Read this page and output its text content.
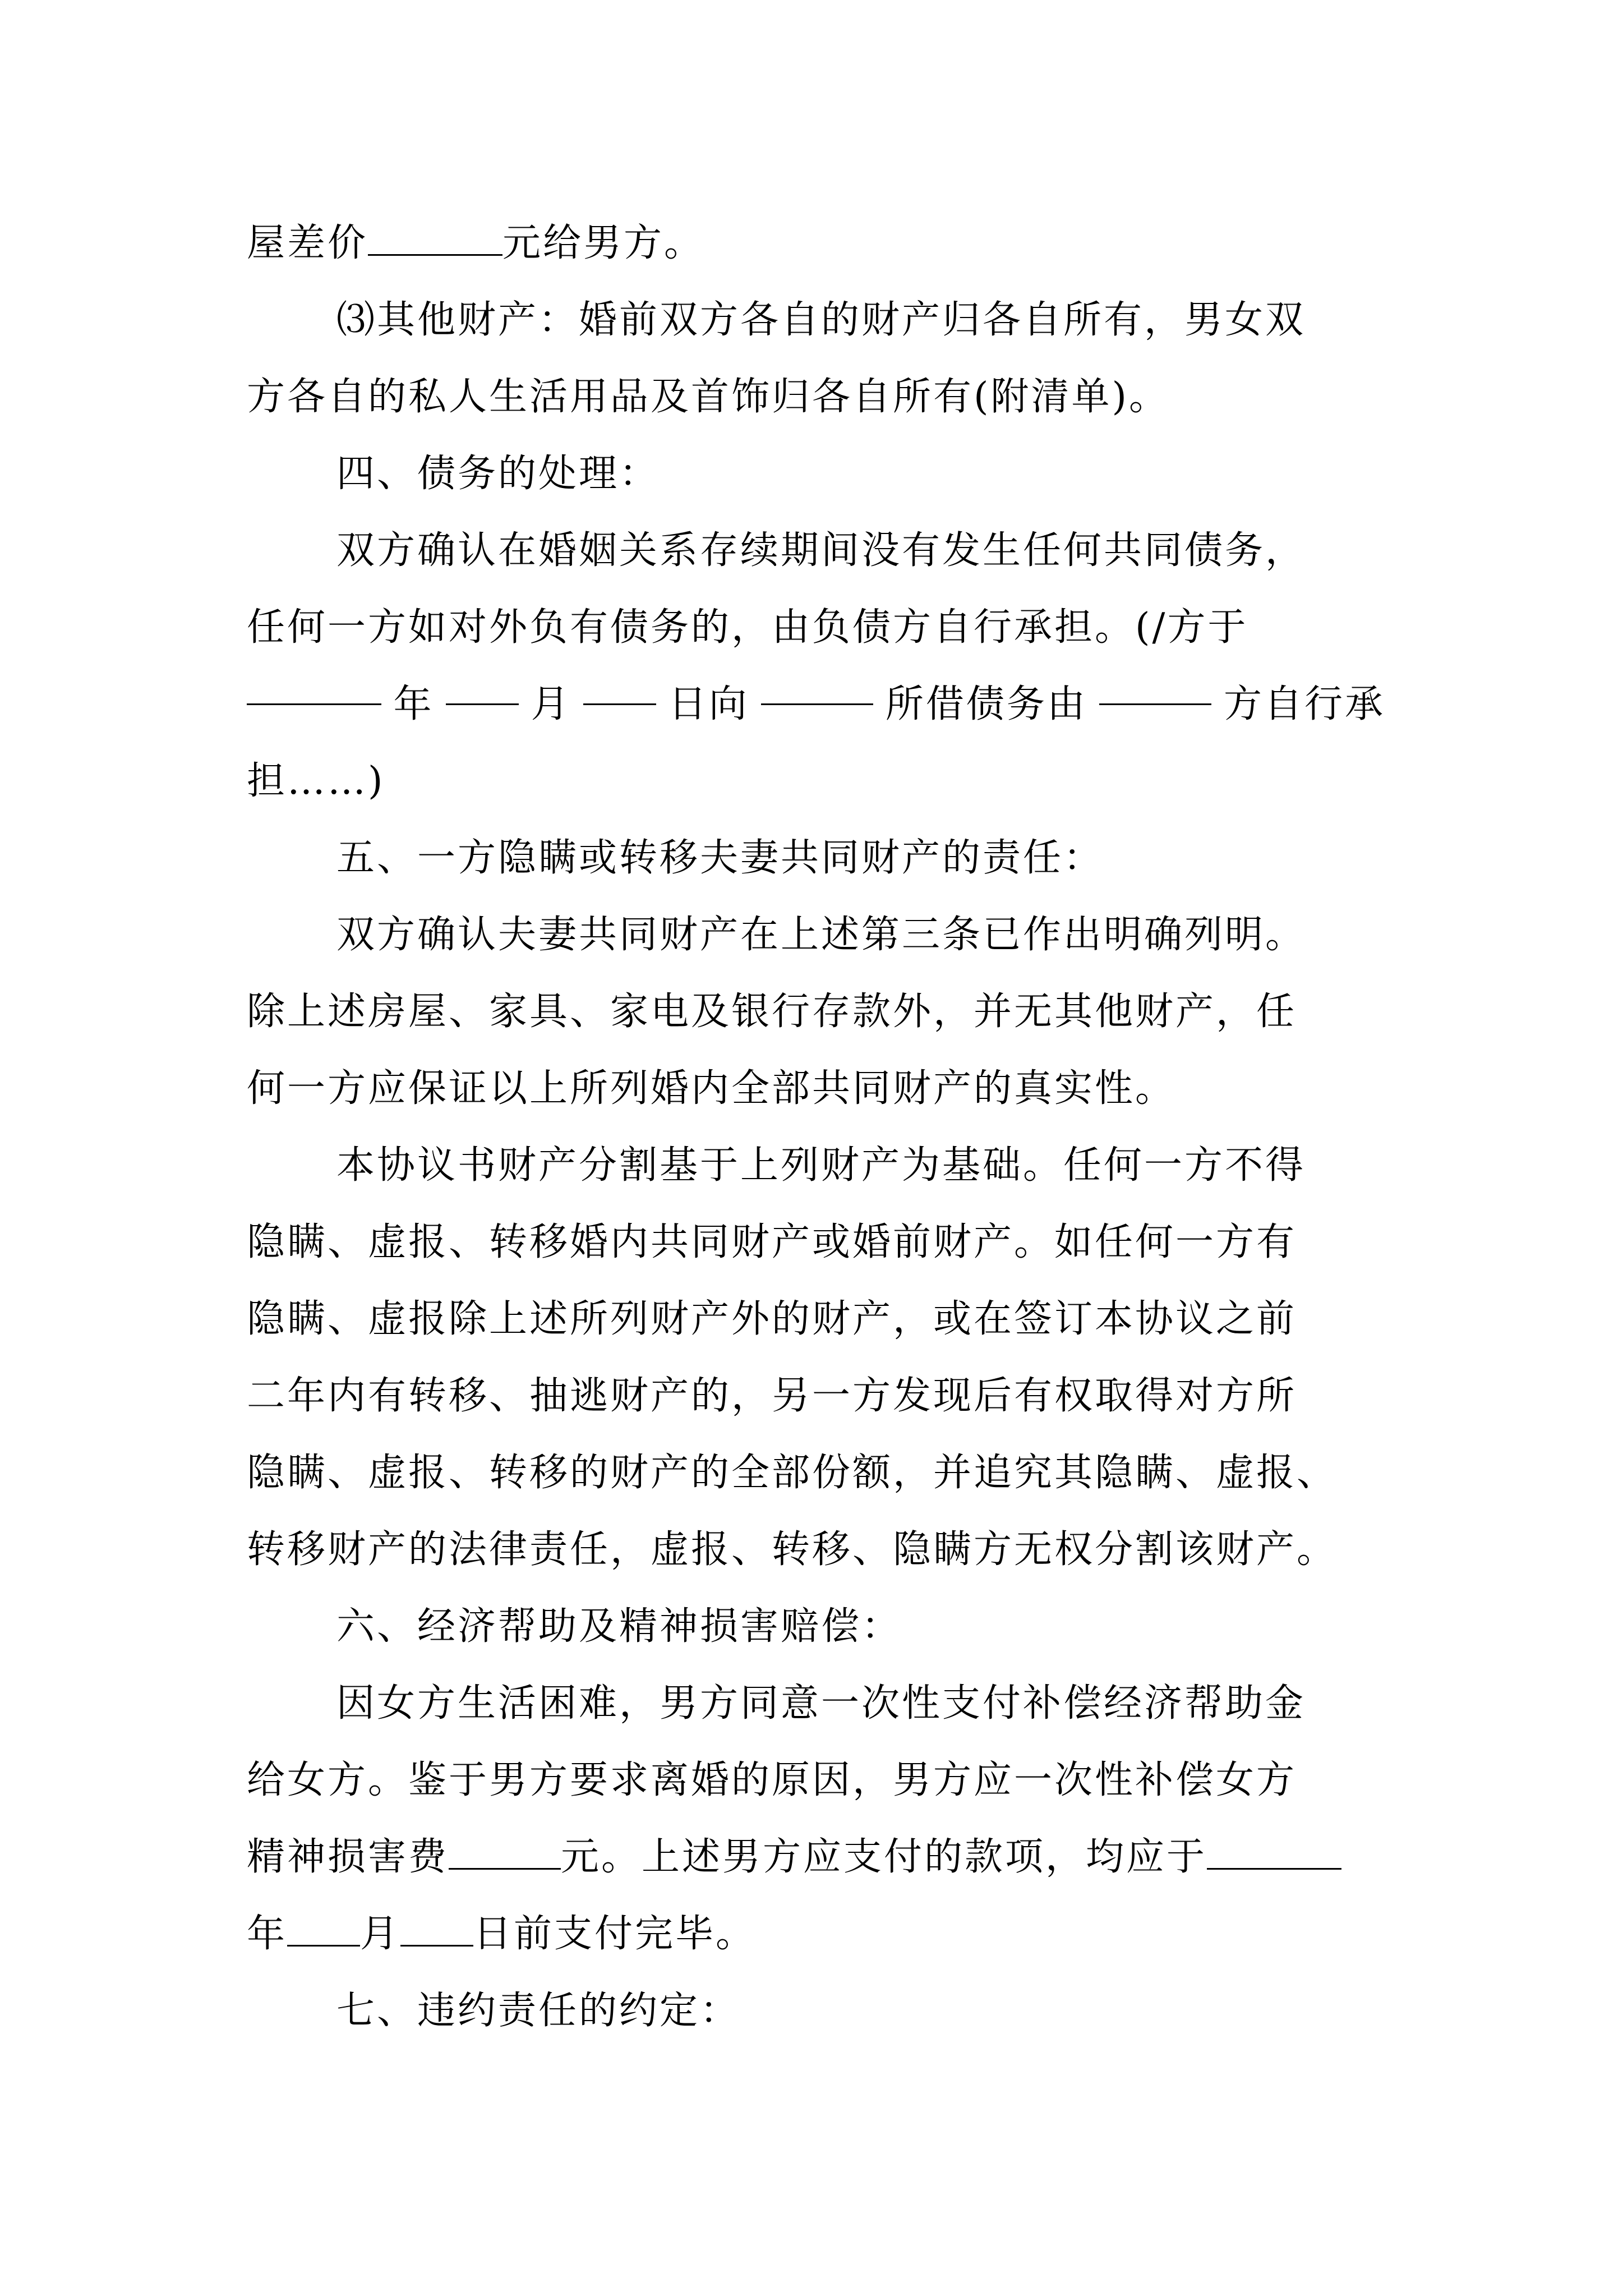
屋差价	元给男方。
⑶其他财产：婚前双方各自的财产归各自所有，男女双
方各自的私人生活用品及首饰归各自所有(附清单)。
四、债务的处理：
双方确认在婚姻关系存续期间没有发生任何共同债务，
任何一方如对外负有债务的，由负债方自行承担。(/方于
年	月	日向	所借债务由	方自行承
担……)
五、一方隐瞒或转移夫妻共同财产的责任：
双方确认夫妻共同财产在上述第三条已作出明确列明。
除上述房屋、家具、家电及银行存款外，并无其他财产，任
何一方应保证以上所列婚内全部共同财产的真实性。
本协议书财产分割基于上列财产为基础。任何一方不得
隐瞒、虚报、转移婚内共同财产或婚前财产。如任何一方有
隐瞒、虚报除上述所列财产外的财产，或在签订本协议之前
二年内有转移、抽逃财产的，另一方发现后有权取得对方所
隐瞒、虚报、转移的财产的全部份额，并追究其隐瞒、虚报、
转移财产的法律责任，虚报、转移、隐瞒方无权分割该财产。
六、经济帮助及精神损害赔偿：
因女方生活困难，男方同意一次性支付补偿经济帮助金
给女方。鉴于男方要求离婚的原因，男方应一次性补偿女方
精神损害费	元。上述男方应支付的款项，均应于
年 月 日前支付完毕。
七、违约责任的约定：
